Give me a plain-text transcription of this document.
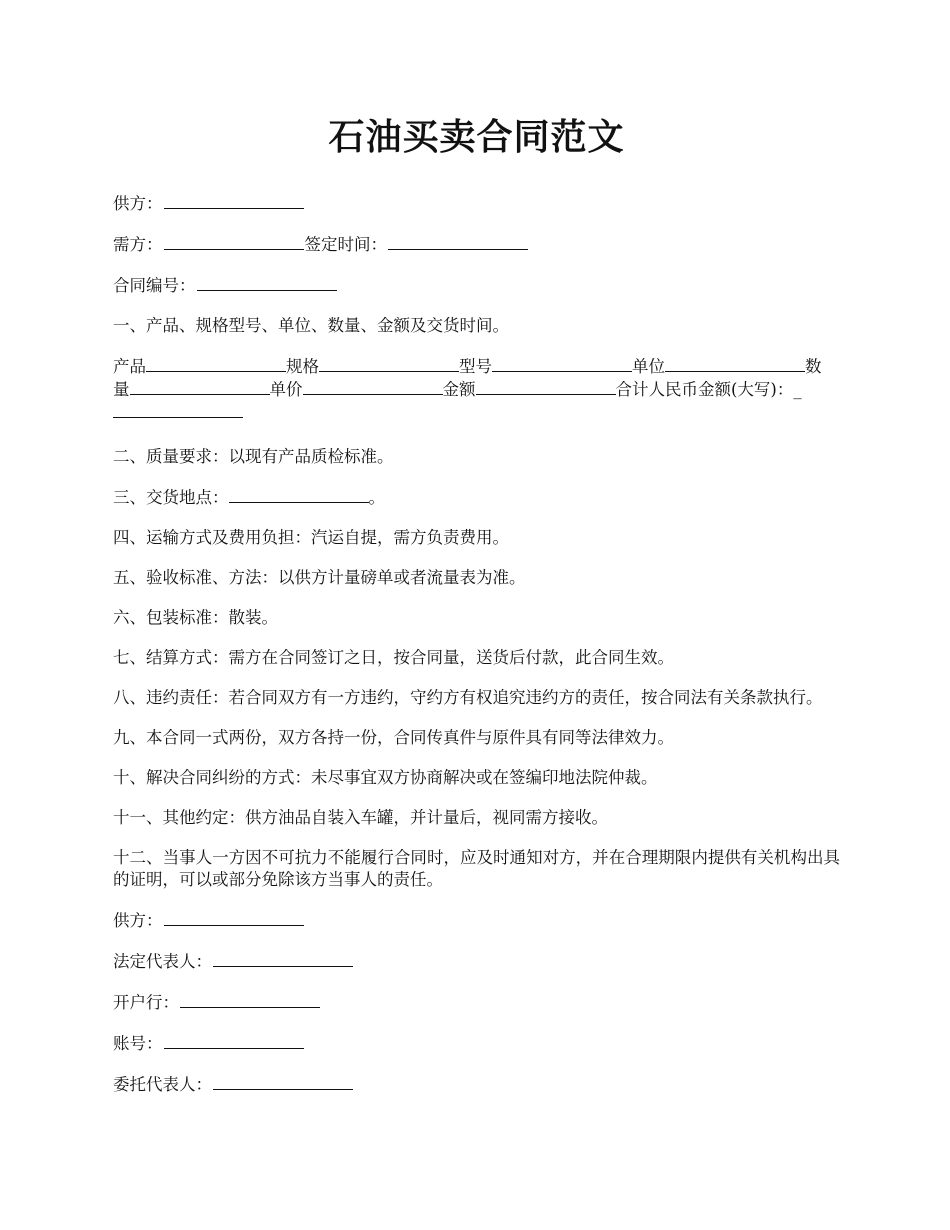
石油买卖合同范文

供方：

需方：	签定时间：

合同编号：

一、产品、规格型号、单位、数量、金额及交货时间。

产品	规格	型号	单位	数
量	单价	金额	合计人民币金额(大写)：_

二、质量要求：以现有产品质检标准。

三、交货地点：	。

四、运输方式及费用负担：汽运自提，需方负责费用。

五、验收标准、方法：以供方计量磅单或者流量表为准。

六、包装标准：散装。

七、结算方式：需方在合同签订之日，按合同量，送货后付款，此合同生效。

八、违约责任：若合同双方有一方违约，守约方有权追究违约方的责任，按合同法有关条款执行。

九、本合同一式两份，双方各持一份，合同传真件与原件具有同等法律效力。

十、解决合同纠纷的方式：未尽事宜双方协商解决或在签编印地法院仲裁。

十一、其他约定：供方油品自装入车罐，并计量后，视同需方接收。

十二、当事人一方因不可抗力不能履行合同时，应及时通知对方，并在合理期限内提供有关机构出具的证明，可以或部分免除该方当事人的责任。

供方：

法定代表人：

开户行：

账号：

委托代表人：
